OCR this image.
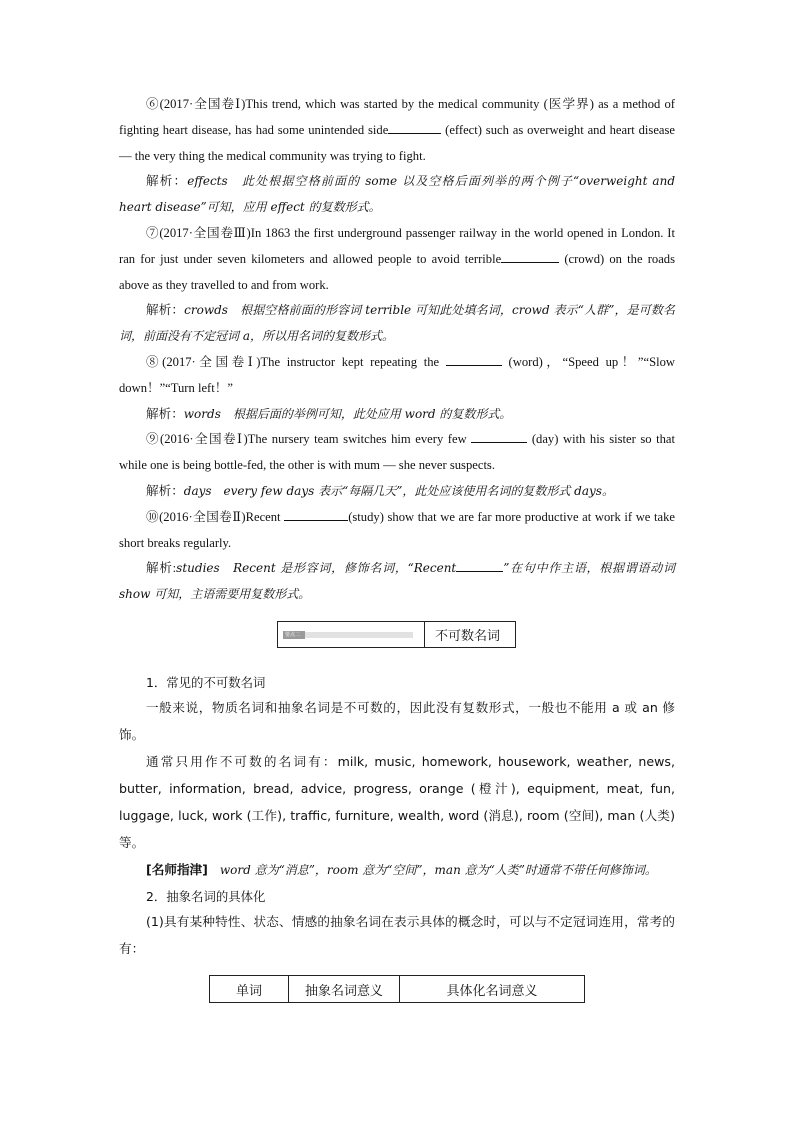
⑥(2017·全国卷Ⅰ)This trend, which was started by the medical community (医学界) as a method of fighting heart disease, has had some unintended side	(effect) such as overweight and heart disease — the very thing the medical community was trying to fight.

解析：effects　此处根据空格前面的 some 以及空格后面列举的两个例子“overweight and heart disease”可知，应用 effect 的复数形式。

⑦(2017·全国卷Ⅲ)In 1863 the first underground passenger railway in the world opened in London. It ran for just under seven kilometers and allowed people to avoid terrible	(crowd) on the roads above as they travelled to and from work.

解析：crowds　根据空格前面的形容词 terrible 可知此处填名词，crowd 表示“人群”，是可数名词，前面没有不定冠词 a，所以用名词的复数形式。

⑧(2017·全国卷Ⅰ)The instructor kept repeating the	(word)，“Speed up！”“Slow down！”“Turn left！”

解析：words　根据后面的举例可知，此处应用 word 的复数形式。

⑨(2016·全国卷Ⅰ)The nursery team switches him every few	(day) with his sister so that while one is being bottle-fed, the other is with mum — she never suspects.

解析：days　every few days 表示“每隔几天”，此处应该使用名词的复数形式 days。

⑩(2016·全国卷Ⅱ)Recent	(study) show that we are far more productive at work if we take short breaks regularly.

解析:studies　Recent 是形容词，修饰名词，“Recent	”在句中作主语，根据谓语动词 show 可知，主语需要用复数形式。

要点二	不可数名词

1．常见的不可数名词

一般来说，物质名词和抽象名词是不可数的，因此没有复数形式，一般也不能用 a 或 an 修饰。

通常只用作不可数的名词有：milk, music, homework, housework, weather, news, butter, information, bread, advice, progress, orange (橙汁), equipment, meat, fun, luggage, luck, work (工作), traffic, furniture, wealth, word (消息), room (空间), man (人类)等。

[名师指津]　word 意为“消息”，room 意为“空间”，man 意为“人类”时通常不带任何修饰词。

2．抽象名词的具体化

(1)具有某种特性、状态、情感的抽象名词在表示具体的概念时，可以与不定冠词连用，常考的有：

单词	抽象名词意义	具体化名词意义
